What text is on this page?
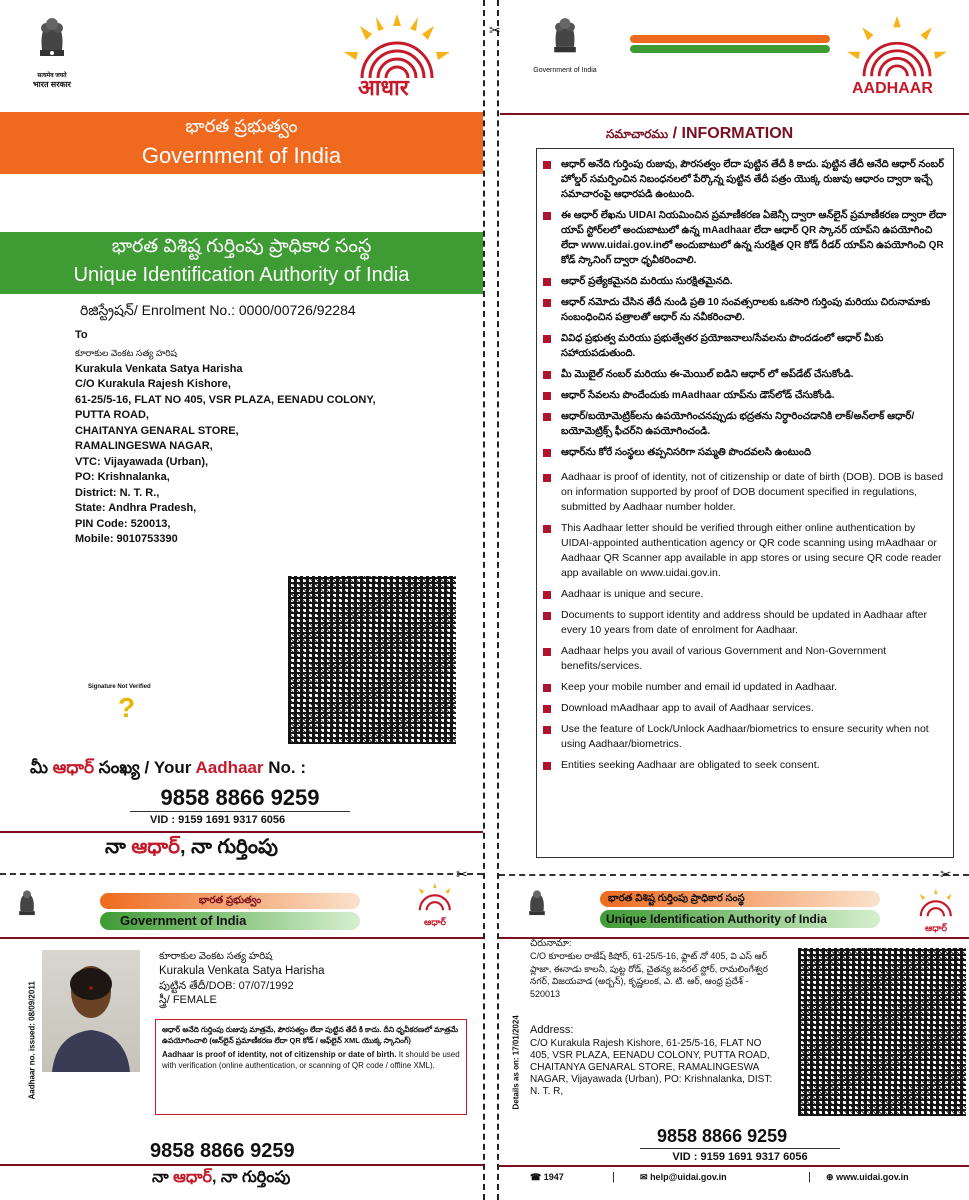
✂
✂	✂
सत्यमेव जयते
भारत सरकार	आधार
భారత ప్రభుత్వం
Government of India
భారత విశిష్ట గుర్తింపు ప్రాధికార సంస్థ
Unique Identification Authority of India
రిజిస్ట్రేషన్/ Enrolment No.: 0000/00726/92284
To
కూరాకుల వెంకట సత్య హరిష
Kurakula Venkata Satya Harisha
C/O Kurakula Rajesh Kishore,
61-25/5-16, FLAT NO 405, VSR PLAZA, EENADU COLONY,
PUTTA ROAD,
CHAITANYA GENARAL STORE,
RAMALINGESWA NAGAR,
VTC: Vijayawada (Urban),
PO: Krishnalanka,
District: N. T. R.,
State: Andhra Pradesh,
PIN Code: 520013,
Mobile: 9010753390
Signature Not Verified
?
మీ ఆధార్ సంఖ్య / Your Aadhaar No. :
9858 8866 9259
VID : 9159 1691 9317 6056
నా ఆధార్, నా గుర్తింపు
Government of India
AADHAAR
సమాచారము / INFORMATION
ఆధార్ అనేది గుర్తింపు రుజువు, పౌరసత్వం లేదా పుట్టిన తేదీ కి కాదు. పుట్టిన తేదీ ఆనేది ఆధార్ నంబర్ హోల్డర్ సమర్పించిన నిబంధనలలో పేర్కొన్న పుట్టిన తేదీ పత్రం యొక్క రుజువు ఆధారం ద్వారా ఇచ్చే సమాచారంపై ఆధారపడి ఉంటుంది.
ఈ ఆధార్ లేఖను UIDAI నియమించిన ప్రమాణీకరణ ఏజెన్సీ ద్వారా ఆన్‌లైన్ ప్రమాణీకరణ ద్వారా లేదా యాప్ స్టోర్‌లలో అందుబాటులో ఉన్న mAadhaar లేదా ఆధార్ QR స్కానర్ యాప్‌ని ఉపయోగించి లేదా www.uidai.gov.inలో అందుబాటులో ఉన్న సురక్షిత QR కోడ్ రీడర్ యాప్‌ని ఉపయోగించి QR కోడ్ స్కానింగ్ ద్వారా ధృవీకరించాలి.
ఆధార్ ప్రత్యేకమైనది మరియు సురక్షితమైనది.
ఆధార్ నమోదు చేసిన తేదీ నుండి ప్రతి 10 సంవత్సరాలకు ఒకసారి గుర్తింపు మరియు చిరునామాకు సంబంధించిన పత్రాలతో ఆధార్ ను నవీకరించాలి.
వివిధ ప్రభుత్వ మరియు ప్రభుత్వేతర ప్రయోజనాలు/సేవలను పొందడంలో ఆధార్ మీకు సహాయపడుతుంది.
మీ మొబైల్ నంబర్ మరియు ఈ-మెయిల్ ఐడిని ఆధార్ లో అప్‌డేట్ చేసుకోండి.
ఆధార్ సేవలను పొందేందుకు mAadhaar యాప్‌ను డౌన్‌లోడ్ చేసుకోండి.
ఆధార్/బయోమెట్రిక్‌లను ఉపయోగించనప్పుడు భద్రతను నిర్ధారించడానికి లాక్/అన్‌లాక్ ఆధార్/బయోమెట్రిక్స్ ఫీచర్‌ని ఉపయోగించండి.
ఆధార్‌ను కోరే సంస్థలు తప్పనిసరిగా సమ్మతి పొందవలసి ఉంటుంది
Aadhaar is proof of identity, not of citizenship or date of birth (DOB). DOB is based on information supported by proof of DOB document specified in regulations, submitted by Aadhaar number holder.
This Aadhaar letter should be verified through either online authentication by UIDAI-appointed authentication agency or QR code scanning using mAadhaar or Aadhaar QR Scanner app available in app stores or using secure QR code reader app available on www.uidai.gov.in.
Aadhaar is unique and secure.
Documents to support identity and address should be updated in Aadhaar after every 10 years from date of enrolment for Aadhaar.
Aadhaar helps you avail of various Government and Non-Government benefits/services.
Keep your mobile number and email id updated in Aadhaar.
Download mAadhaar app to avail of Aadhaar services.
Use the feature of Lock/Unlock Aadhaar/biometrics to ensure security when not using Aadhaar/biometrics.
Entities seeking Aadhaar are obligated to seek consent.
భారత ప్రభుత్వం
Government of India	ఆధార్
Aadhaar no. issued: 08/09/2011
కూరాకుల వెంకట సత్య హరిష
Kurakula Venkata Satya Harisha
పుట్టిన తేదీ/DOB: 07/07/1992
స్త్రీ/ FEMALE
ఆధార్ అనేది గుర్తింపు రుజువు మాత్రమే, పౌరసత్వం లేదా పుట్టిన తేదీ కి కాదు. దీని ధృవీకరణలో మాత్రమే ఉపయోగించాలి (ఆన్‌లైన్ ప్రమాణీకరణ లేదా QR కోడ్ / ఆఫ్‌లైన్ XML యొక్క స్కానింగ్)
Aadhaar is proof of identity, not of citizenship or date of birth. It should be used with verification (online authentication, or scanning of QR code / offline XML).
9858 8866 9259
నా ఆధార్, నా గుర్తింపు
భారత విశిష్ట గుర్తింపు ప్రాధికార సంస్థ
Unique Identification Authority of India
ఆధార్
Details as on: 17/01/2024
చిరునామా:
C/O కూరాకుల రాజేష్ కిషోర్, 61-25/5-16, ఫ్లాట్ నో 405, వి ఎస్ ఆర్ ప్లాజా, ఈనాడు కాలనీ, పుట్ట రోడ్, చైతన్య జనరల్ స్టోర్, రామలింగేశ్వర నగర్, విజయవాడ (అర్బన్), కృష్ణలంక, ఎ. టి. ఆర్, ఆంధ్ర ప్రదేశ్ - 520013
Address:
C/O Kurakula Rajesh Kishore, 61-25/5-16, FLAT NO 405, VSR PLAZA, EENADU COLONY, PUTTA ROAD, CHAITANYA GENARAL STORE, RAMALINGESWA NAGAR, Vijayawada (Urban), PO: Krishnalanka, DIST: N. T. R,
9858 8866 9259
VID : 9159 1691 9317 6056
☎ 1947	|	✉ help@uidai.gov.in	| ⊕ www.uidai.gov.in
